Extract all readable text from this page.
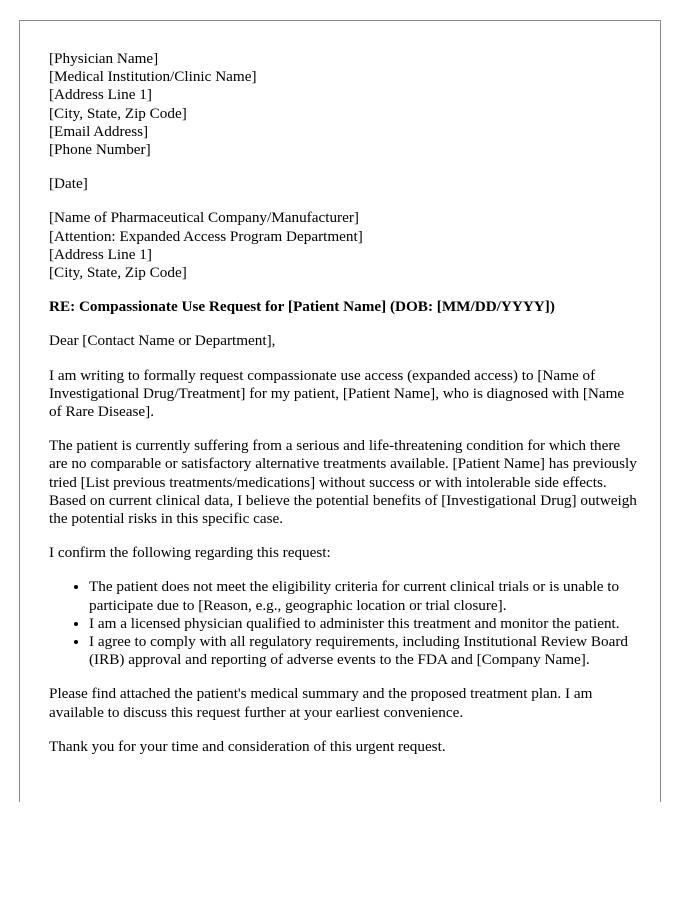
[Physician Name]
[Medical Institution/Clinic Name]
[Address Line 1]
[City, State, Zip Code]
[Email Address]
[Phone Number]
[Date]
[Name of Pharmaceutical Company/Manufacturer]
[Attention: Expanded Access Program Department]
[Address Line 1]
[City, State, Zip Code]

RE: Compassionate Use Request for [Patient Name] (DOB: [MM/DD/YYYY])

Dear [Contact Name or Department],

I am writing to formally request compassionate use access (expanded access) to [Name of Investigational Drug/Treatment] for my patient, [Patient Name], who is diagnosed with [Name of Rare Disease].

The patient is currently suffering from a serious and life-threatening condition for which there are no comparable or satisfactory alternative treatments available. [Patient Name] has previously tried [List previous treatments/medications] without success or with intolerable side effects. Based on current clinical data, I believe the potential benefits of [Investigational Drug] outweigh the potential risks in this specific case.

I confirm the following regarding this request:

• The patient does not meet the eligibility criteria for current clinical trials or is unable to participate due to [Reason, e.g., geographic location or trial closure].
• I am a licensed physician qualified to administer this treatment and monitor the patient.
• I agree to comply with all regulatory requirements, including Institutional Review Board (IRB) approval and reporting of adverse events to the FDA and [Company Name].

Please find attached the patient's medical summary and the proposed treatment plan. I am available to discuss this request further at your earliest convenience.

Thank you for your time and consideration of this urgent request.
